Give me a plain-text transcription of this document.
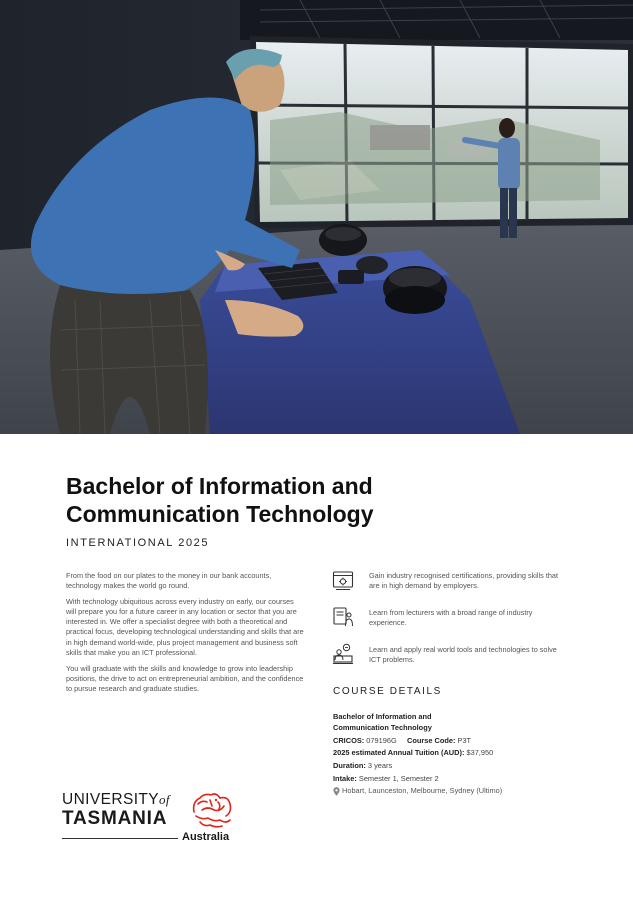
Bachelor of Information and
Communication Technology
INTERNATIONAL 2025

From the food on our plates to the money in our bank accounts, technology makes the world go round.

With technology ubiquitous across every industry on early, our courses will prepare you for a future career in any location or sector that you are interested in. We offer a specialist degree with both a theoretical and practical focus, developing technological understanding and skills that are in high demand world-wide, plus project management and business soft skills that make you an ICT professional.

You will graduate with the skills and knowledge to grow into leadership positions, the drive to act on entrepreneurial ambition, and the confidence to pursue research and graduate studies.

Gain industry recognised certifications, providing skills that are in high demand by employers.
Learn from lecturers with a broad range of industry experience.
Learn and apply real world tools and technologies to solve ICT problems.
COURSE DETAILS
Bachelor of Information and Communication Technology
CRICOS: 079196G Course Code: P3T
2025 estimated Annual Tuition (AUD): $37,950
Duration: 3 years
Intake: Semester 1, Semester 2
Hobart, Launceston, Melbourne, Sydney (Ultimo)
UNIVERSITYof
TASMANIA
Australia
